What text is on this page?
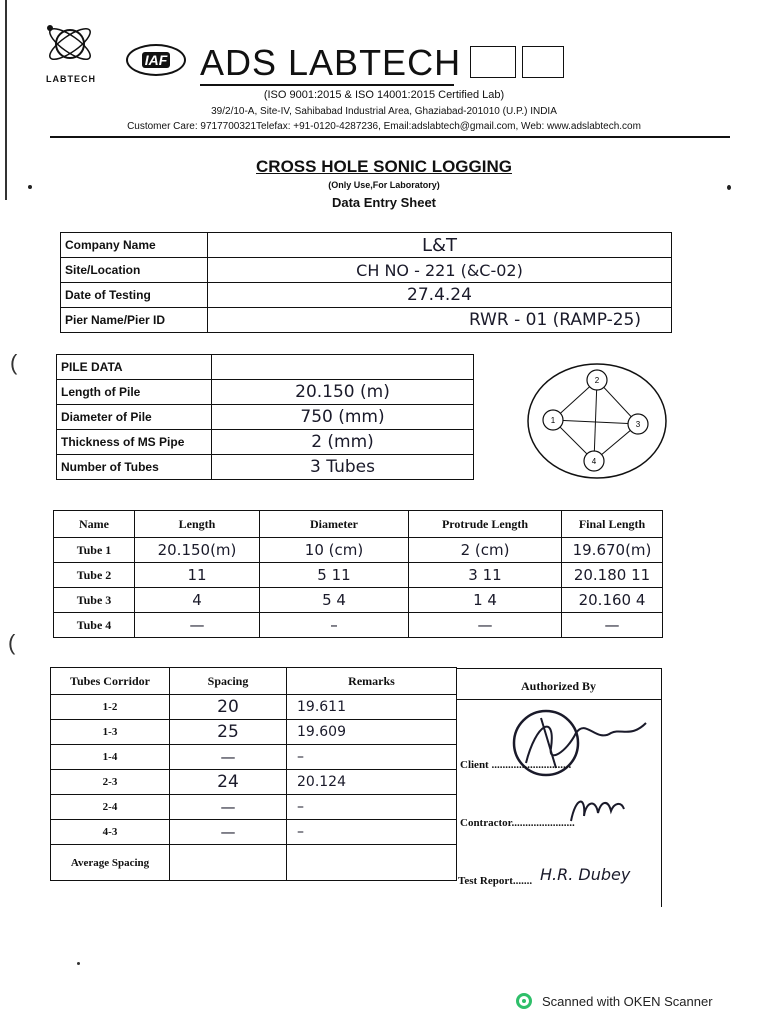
(
(
LABTECH
IAF ADS LABTECH
(ISO 9001:2015 & ISO 14001:2015 Certified Lab)
39/2/10-A, Site-IV, Sahibabad Industrial Area, Ghaziabad-201010 (U.P.) INDIA
Customer Care: 9717700321Telefax: +91-0120-4287236, Email:adslabtech@gmail.com, Web: www.adslabtech.com
CROSS HOLE SONIC LOGGING
(Only Use,For Laboratory)
Data Entry Sheet
Company Name	L&T
Site/Location	CH NO - 221 (&C-02)
Date of Testing	27.4.24
Pier Name/Pier ID	RWR - 01 (RAMP-25)
PILE DATA	
Length of Pile	20.150 (m)
Diameter of Pile	750 (mm)
Thickness of MS Pipe	2 (mm)
Number of Tubes	3 Tubes
1
2
3
4
Name	Length	Diameter	Protrude Length	Final Length
Tube 1	20.150(m)	10 (cm)	2 (cm)	19.670(m)
Tube 2	11	5 11	3 11	20.180 11
Tube 3	4	5 4	1 4	20.160 4
Tube 4	—	–	—	—
Tubes Corridor	Spacing	Remarks
1-2	20	19.611
1-3	25	19.609
1-4	—	–
2-3	24	20.124
2-4	—	–
4-3	—	–
Average Spacing		
Authorized By
Client .............................
Contractor.......................
Test Report....... H.R. Dubey
Scanned with OKEN Scanner
